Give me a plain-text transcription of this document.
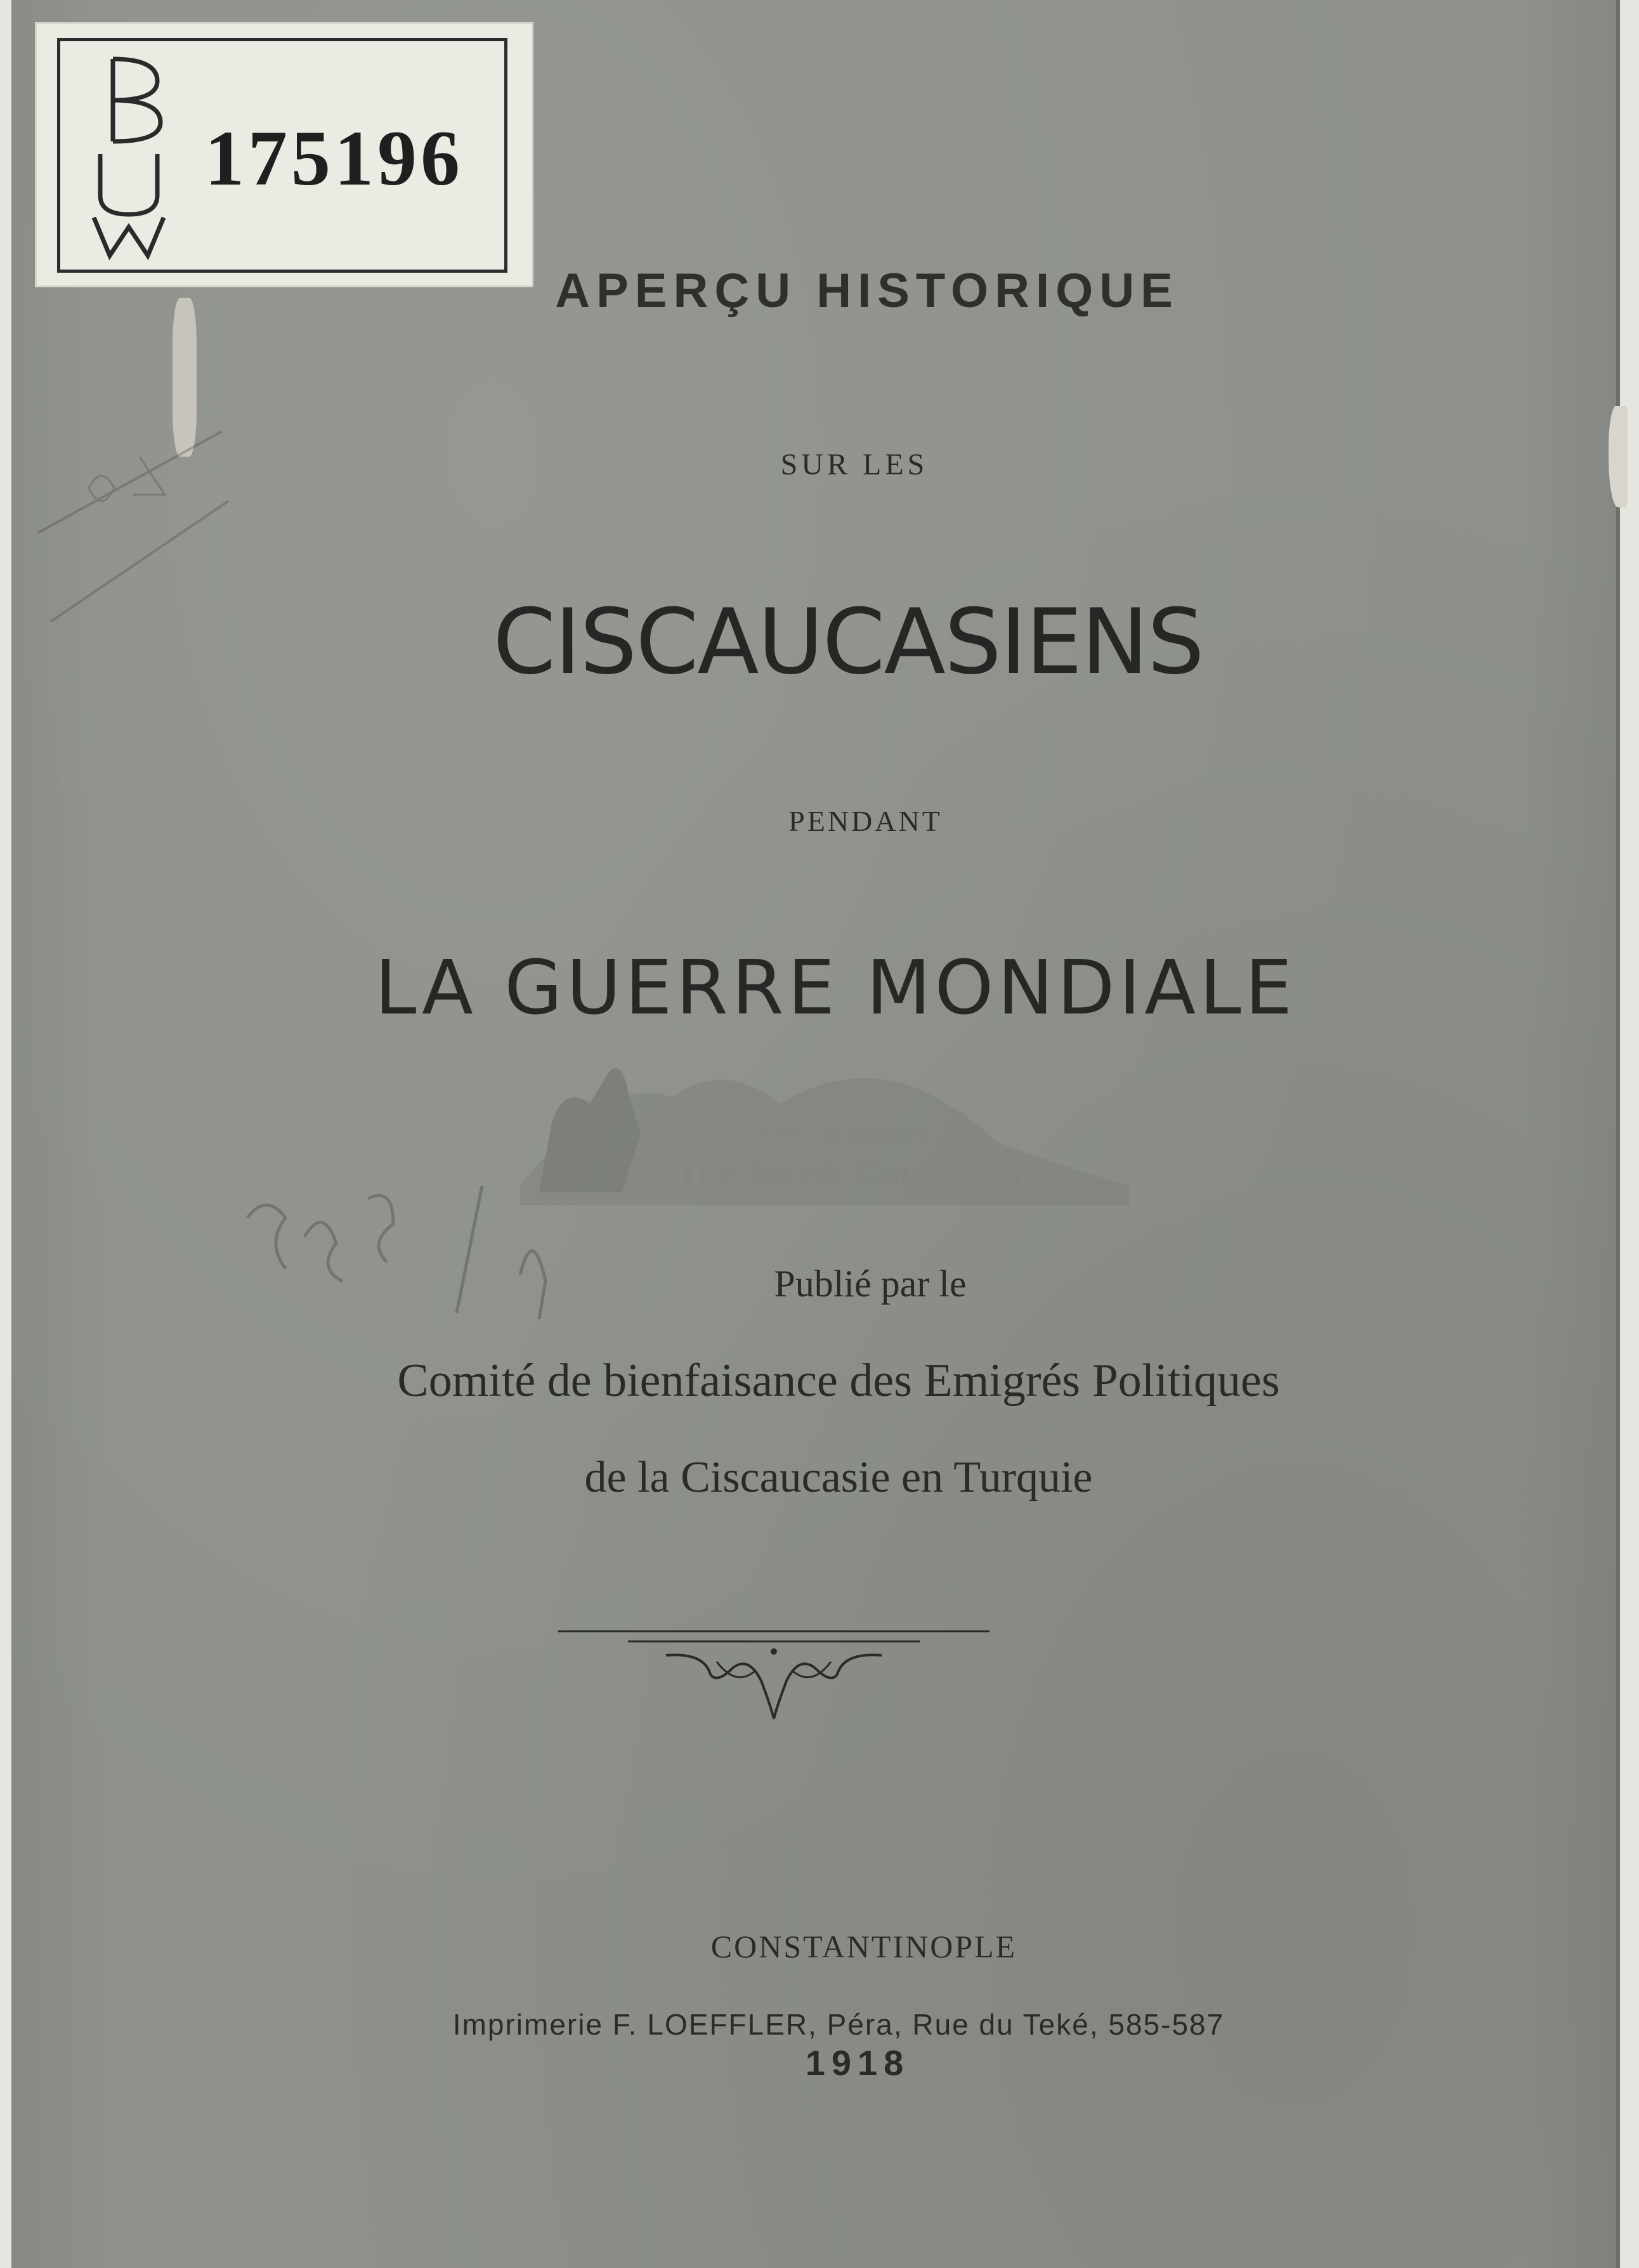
175196
APERÇU HISTORIQUE
SUR LES
CISCAUCASIENS
PENDANT
LA GUERRE MONDIALE
Historical Memory
of
The North Caucasus
Publié par le
Comité de bienfaisance des Emigrés Politiques
de la Ciscaucasie en Turquie
CONSTANTINOPLE
Imprimerie F. LOEFFLER, Péra, Rue du Teké, 585-587
1918
